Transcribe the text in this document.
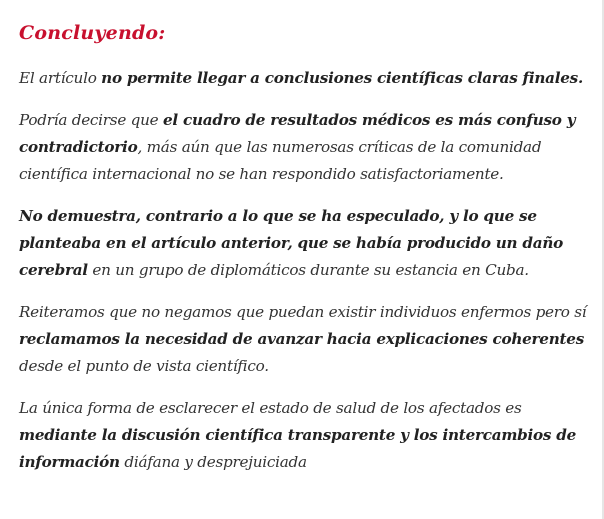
Concluyendo:

El artículo no permite llegar a conclusiones científicas claras finales.

Podría decirse que el cuadro de resultados médicos es más confuso y contradictorio, más aún que las numerosas críticas de la comunidad científica internacional no se han respondido satisfactoriamente.

No demuestra, contrario a lo que se ha especulado, y lo que se planteaba en el artículo anterior, que se había producido un daño cerebral en un grupo de diplomáticos durante su estancia en Cuba.

Reiteramos que no negamos que puedan existir individuos enfermos pero sí reclamamos la necesidad de avanzar hacia explicaciones coherentes desde el punto de vista científico.

La única forma de esclarecer el estado de salud de los afectados es mediante la discusión científica transparente y los intercambios de información diáfana y desprejuiciada
